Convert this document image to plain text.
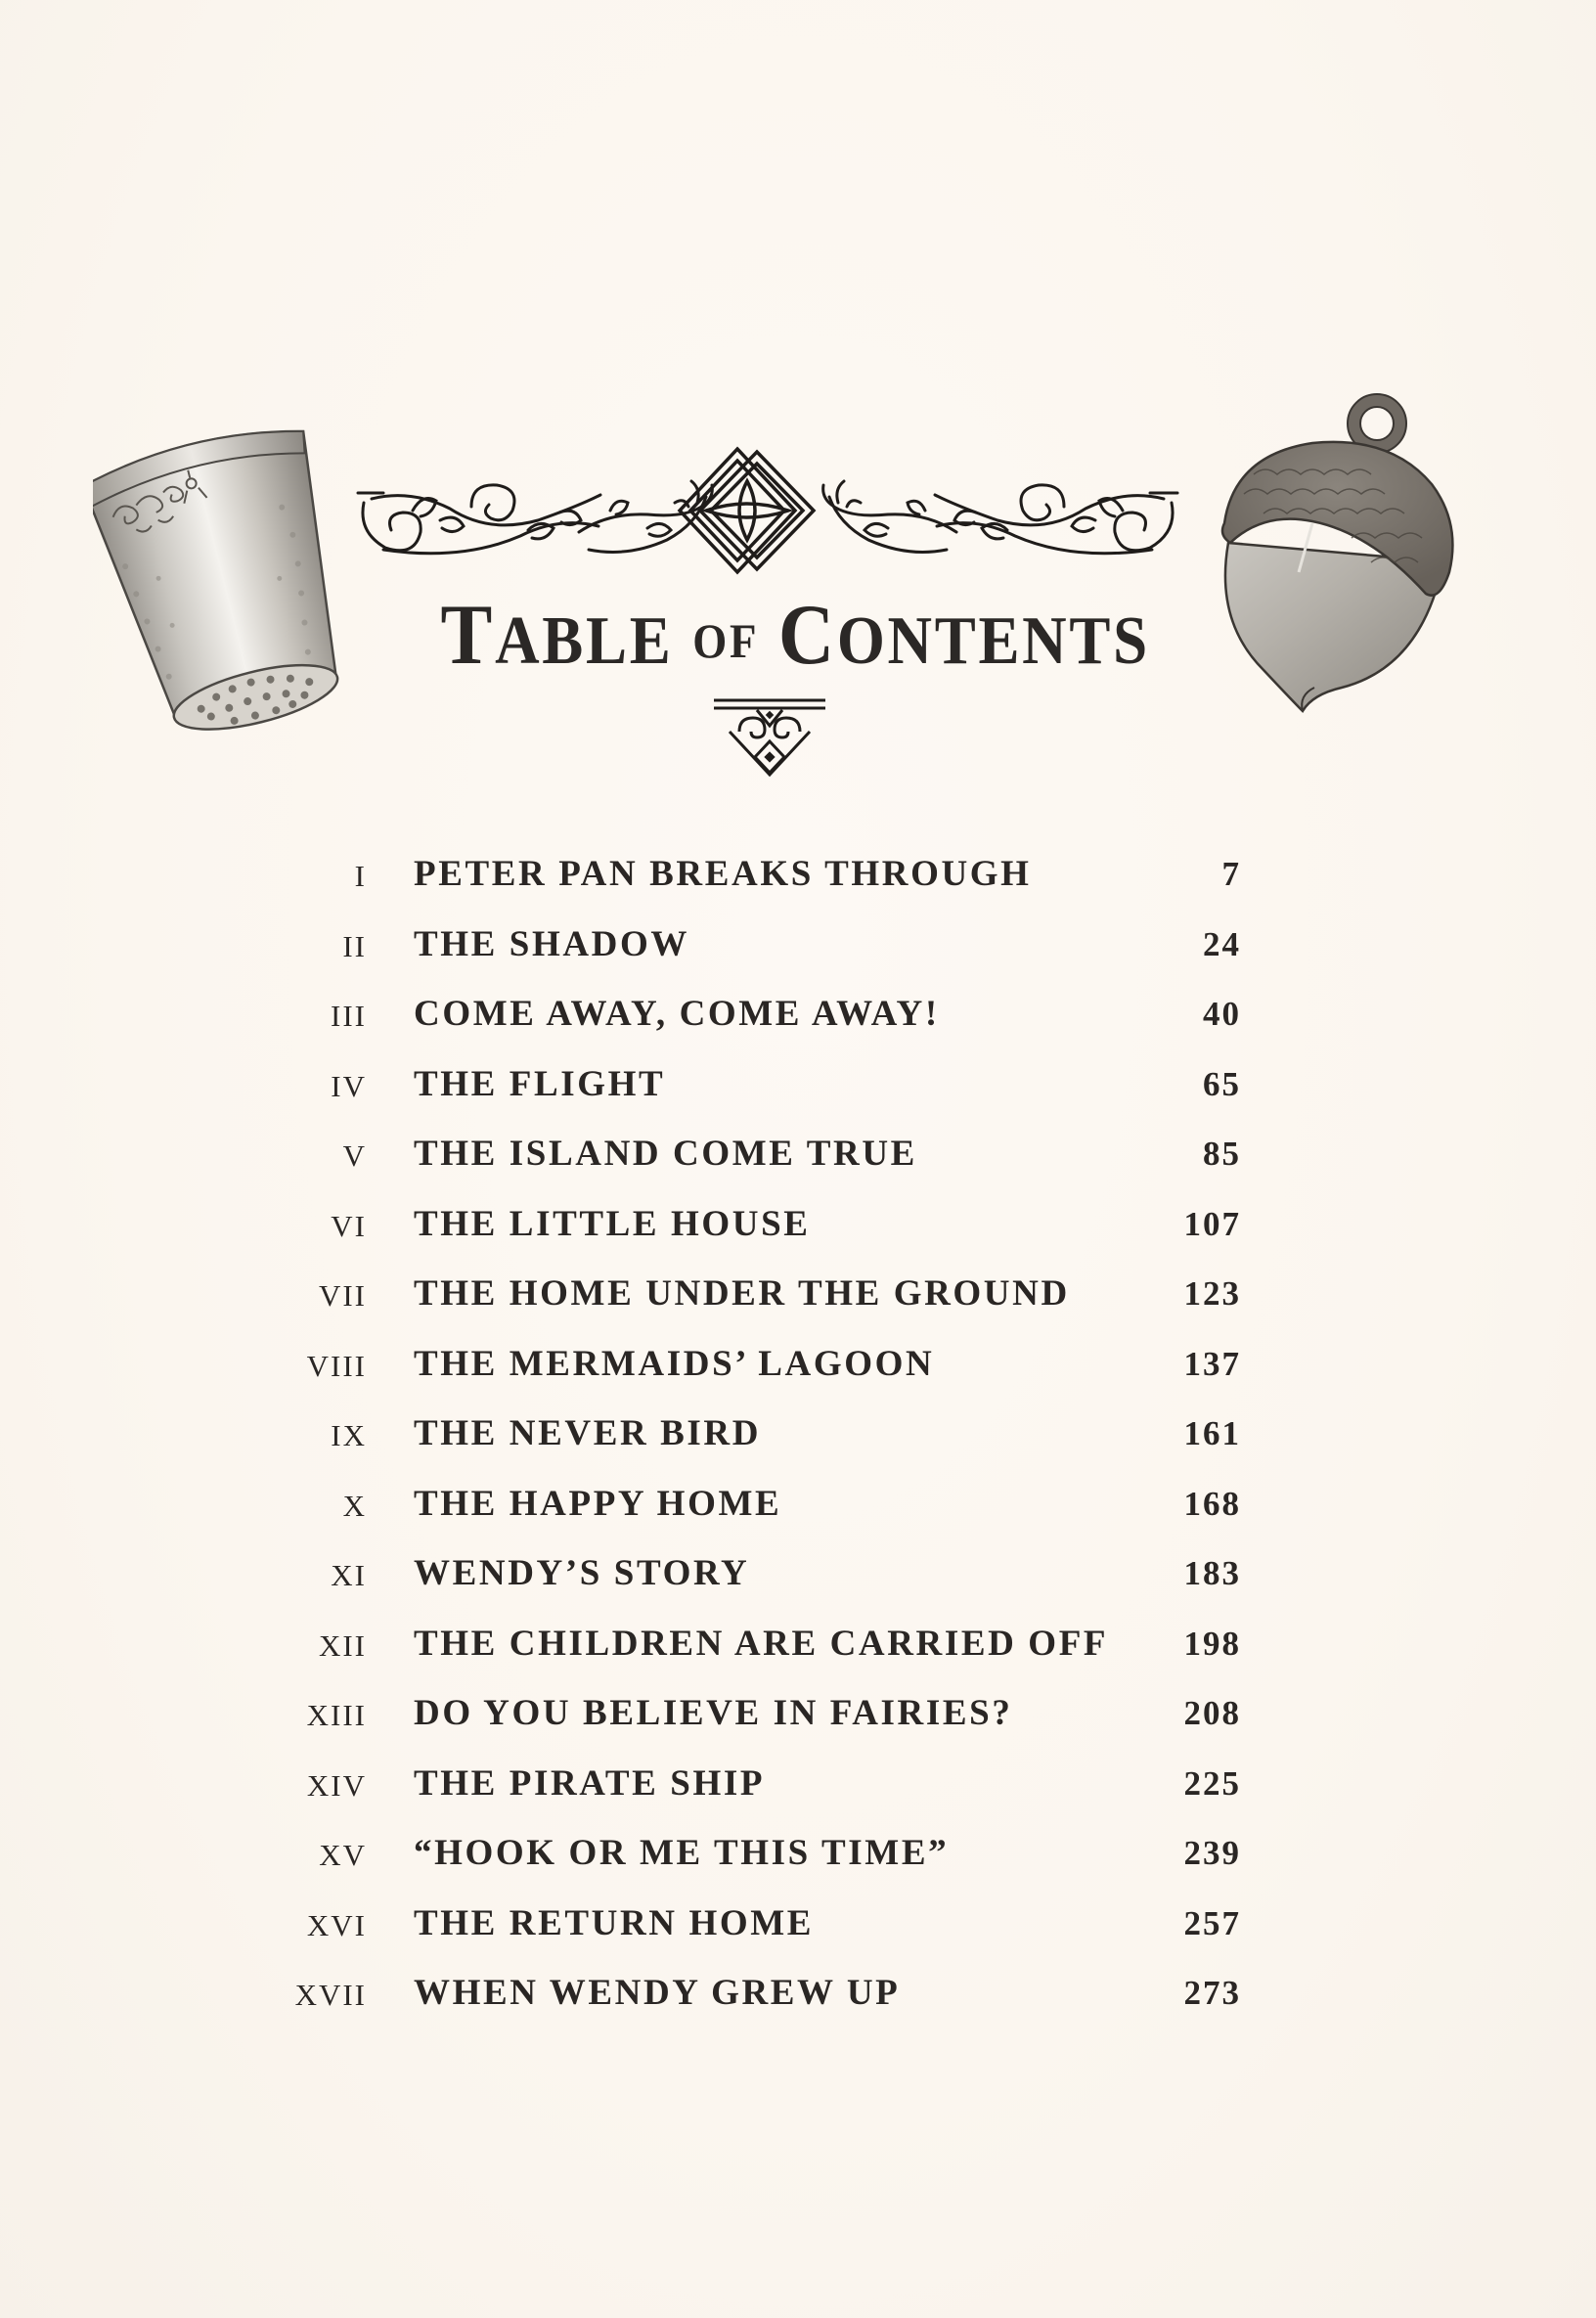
TABLE OF CONTENTS
I PETER PAN BREAKS THROUGH	7
II THE SHADOW	24
III COME AWAY, COME AWAY!	40
IV THE FLIGHT	65
V THE ISLAND COME TRUE	85
VI THE LITTLE HOUSE	107
VII THE HOME UNDER THE GROUND	123
VIII THE MERMAIDS’ LAGOON	137
IX THE NEVER BIRD	161
X THE HAPPY HOME	168
XI WENDY’S STORY	183
XII THE CHILDREN ARE CARRIED OFF 198
XIII DO YOU BELIEVE IN FAIRIES?	208
XIV THE PIRATE SHIP	225
XV “HOOK OR ME THIS TIME”	239
XVI THE RETURN HOME	257
XVII WHEN WENDY GREW UP	273
